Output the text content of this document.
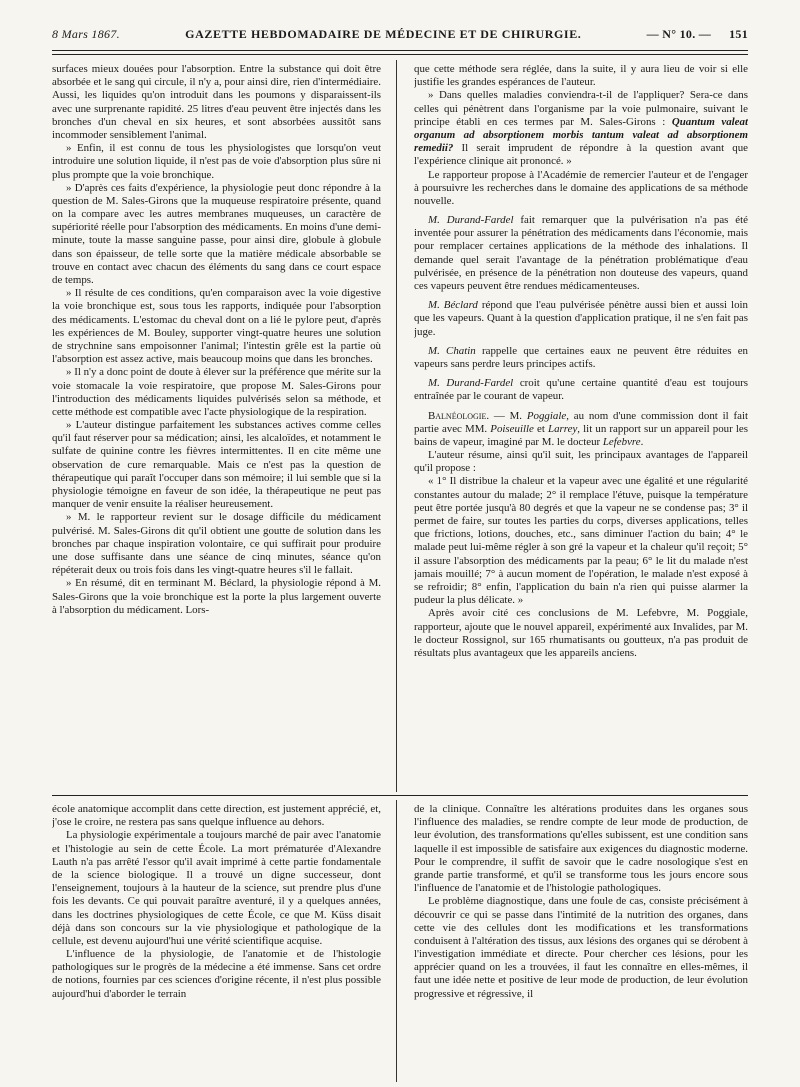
8 Mars 1867.	GAZETTE HEBDOMADAIRE DE MÉDECINE ET DE CHIRURGIE.	— N° 10. — 151

surfaces mieux douées pour l'absorption. Entre la substance qui doit être absorbée et le sang qui circule, il n'y a, pour ainsi dire, rien d'intermédiaire. Aussi, les liquides qu'on introduit dans les poumons y disparaissent-ils avec une surprenante rapidité. 25 litres d'eau peuvent être injectés dans les bronches d'un cheval en six heures, et sont absorbées aussitôt sans incommoder sensiblement l'animal.

» Enfin, il est connu de tous les physiologistes que lorsqu'on veut introduire une solution liquide, il n'est pas de voie d'absorption plus sûre ni plus prompte que la voie bronchique.

» D'après ces faits d'expérience, la physiologie peut donc répondre à la question de M. Sales-Girons que la muqueuse respiratoire présente, quand on la compare avec les autres membranes muqueuses, un caractère de supériorité réelle pour l'absorption des médicaments. En moins d'une demi-minute, toute la masse sanguine passe, pour ainsi dire, globule à globule dans son épaisseur, de telle sorte que la matière médicale absorbable se trouve en contact avec chacun des éléments du sang dans ce court espace de temps.

» Il résulte de ces conditions, qu'en comparaison avec la voie digestive la voie bronchique est, sous tous les rapports, indiquée pour l'absorption des médicaments. L'estomac du cheval dont on a lié le pylore peut, d'après les expériences de M. Bouley, supporter vingt-quatre heures une solution de strychnine sans empoisonner l'animal; l'intestin grêle est la partie où l'absorption est assez active, mais beaucoup moins que dans les bronches.

» Il n'y a donc point de doute à élever sur la préférence que mérite sur la voie stomacale la voie respiratoire, que propose M. Sales-Girons pour l'introduction des médicaments liquides pulvérisés selon sa méthode, et cette méthode est compatible avec l'acte physiologique de la respiration.

» L'auteur distingue parfaitement les substances actives comme celles qu'il faut réserver pour sa médication; ainsi, les alcaloïdes, et notamment le sulfate de quinine contre les fièvres intermittentes. Il en cite même une observation de cure remarquable. Mais ce n'est pas la question de thérapeutique qui paraît l'occuper dans son mémoire; il lui semble que si la physiologie témoigne en faveur de son idée, la thérapeutique ne peut pas manquer de venir ensuite la réaliser heureusement.

» M. le rapporteur revient sur le dosage difficile du médicament pulvérisé. M. Sales-Girons dit qu'il obtient une goutte de solution dans les bronches par chaque inspiration volontaire, ce qui suffirait pour produire une dose suffisante dans une séance de cinq minutes, séance qu'on répéterait deux ou trois fois dans les vingt-quatre heures s'il le fallait.

» En résumé, dit en terminant M. Béclard, la physiologie répond à M. Sales-Girons que la voie bronchique est la porte la plus largement ouverte à l'absorption du médicament. Lors-

que cette méthode sera réglée, dans la suite, il y aura lieu de voir si elle justifie les grandes espérances de l'auteur.

» Dans quelles maladies conviendra-t-il de l'appliquer? Sera-ce dans celles qui pénètrent dans l'organisme par la voie pulmonaire, suivant le principe établi en ces termes par M. Sales-Girons : Quantum valeat organum ad absorptionem morbis tantum valeat ad absorptionem remedii? Il serait imprudent de répondre à la question avant que l'expérience clinique ait prononcé. »

Le rapporteur propose à l'Académie de remercier l'auteur et de l'engager à poursuivre les recherches dans le domaine des applications de sa méthode nouvelle.

M. Durand-Fardel fait remarquer que la pulvérisation n'a pas été inventée pour assurer la pénétration des médicaments dans l'économie, mais pour remplacer certaines applications de la méthode des inhalations. Il demande quel serait l'avantage de la pénétration problématique d'eau pulvérisée, en présence de la pénétration non douteuse des vapeurs, quand ces vapeurs peuvent être rendues médicamenteuses.

M. Béclard répond que l'eau pulvérisée pénètre aussi bien et aussi loin que les vapeurs. Quant à la question d'application pratique, il ne s'en fait pas juge.

M. Chatin rappelle que certaines eaux ne peuvent être réduites en vapeurs sans perdre leurs principes actifs.

M. Durand-Fardel croit qu'une certaine quantité d'eau est toujours entraînée par le courant de vapeur.

Balnéologie. — M. Poggiale, au nom d'une commission dont il fait partie avec MM. Poiseuille et Larrey, lit un rapport sur un appareil pour les bains de vapeur, imaginé par M. le docteur Lefebvre.

L'auteur résume, ainsi qu'il suit, les principaux avantages de l'appareil qu'il propose :

« 1° Il distribue la chaleur et la vapeur avec une égalité et une régularité constantes autour du malade; 2° il remplace l'étuve, puisque la température peut être portée jusqu'à 80 degrés et que la vapeur ne se condense pas; 3° il permet de faire, sur toutes les parties du corps, diverses applications, telles que frictions, lotions, douches, etc., sans diminuer l'action du bain; 4° le malade peut lui-même régler à son gré la vapeur et la chaleur qu'il reçoit; 5° il assure l'absorption des médicaments par la peau; 6° le lit du malade n'est jamais mouillé; 7° à aucun moment de l'opération, le malade n'est exposé à se refroidir; 8° enfin, l'application du bain n'a rien qui puisse alarmer la pudeur la plus délicate. »

Après avoir cité ces conclusions de M. Lefebvre, M. Poggiale, rapporteur, ajoute que le nouvel appareil, expérimenté aux Invalides, par M. le docteur Rossignol, sur 165 rhumatisants ou goutteux, n'a pas produit de résultats plus avantageux que les appareils anciens.

école anatomique accomplit dans cette direction, est justement apprécié, et, j'ose le croire, ne restera pas sans quelque influence au dehors.

La physiologie expérimentale a toujours marché de pair avec l'anatomie et l'histologie au sein de cette École. La mort prématurée d'Alexandre Lauth n'a pas arrêté l'essor qu'il avait imprimé à cette partie fondamentale de la science biologique. Il a trouvé un digne successeur, dont l'enseignement, toujours à la hauteur de la science, sut prendre plus d'une fois les devants. Ce qui pouvait paraître aventuré, il y a quelques années, dans les doctrines physiologiques de cette École, ce que M. Küss disait déjà dans son concours sur la vie physiologique et pathologique de la cellule, est devenu aujourd'hui une vérité scientifique acquise.

L'influence de la physiologie, de l'anatomie et de l'histologie pathologiques sur le progrès de la médecine a été immense. Sans cet ordre de notions, fournies par ces sciences d'origine récente, il n'est plus possible aujourd'hui d'aborder le terrain

de la clinique. Connaître les altérations produites dans les organes sous l'influence des maladies, se rendre compte de leur mode de production, de leur évolution, des transformations qu'elles subissent, est une condition sans laquelle il est impossible de satisfaire aux exigences du diagnostic moderne. Pour le comprendre, il suffit de savoir que le cadre nosologique s'est en grande partie transformé, et qu'il se transforme tous les jours encore sous l'influence de l'anatomie et de l'histologie pathologiques.

Le problème diagnostique, dans une foule de cas, consiste précisément à découvrir ce qui se passe dans l'intimité de la nutrition des organes, dans cette vie des cellules dont les modifications et les transformations conduisent à l'altération des tissus, aux lésions des organes qui se dérobent à l'investigation immédiate et directe. Pour chercher ces lésions, pour les apprécier quand on les a trouvées, il faut les connaître en elles-mêmes, il faut une idée nette et positive de leur mode de production, de leur évolution progressive et régressive, il
